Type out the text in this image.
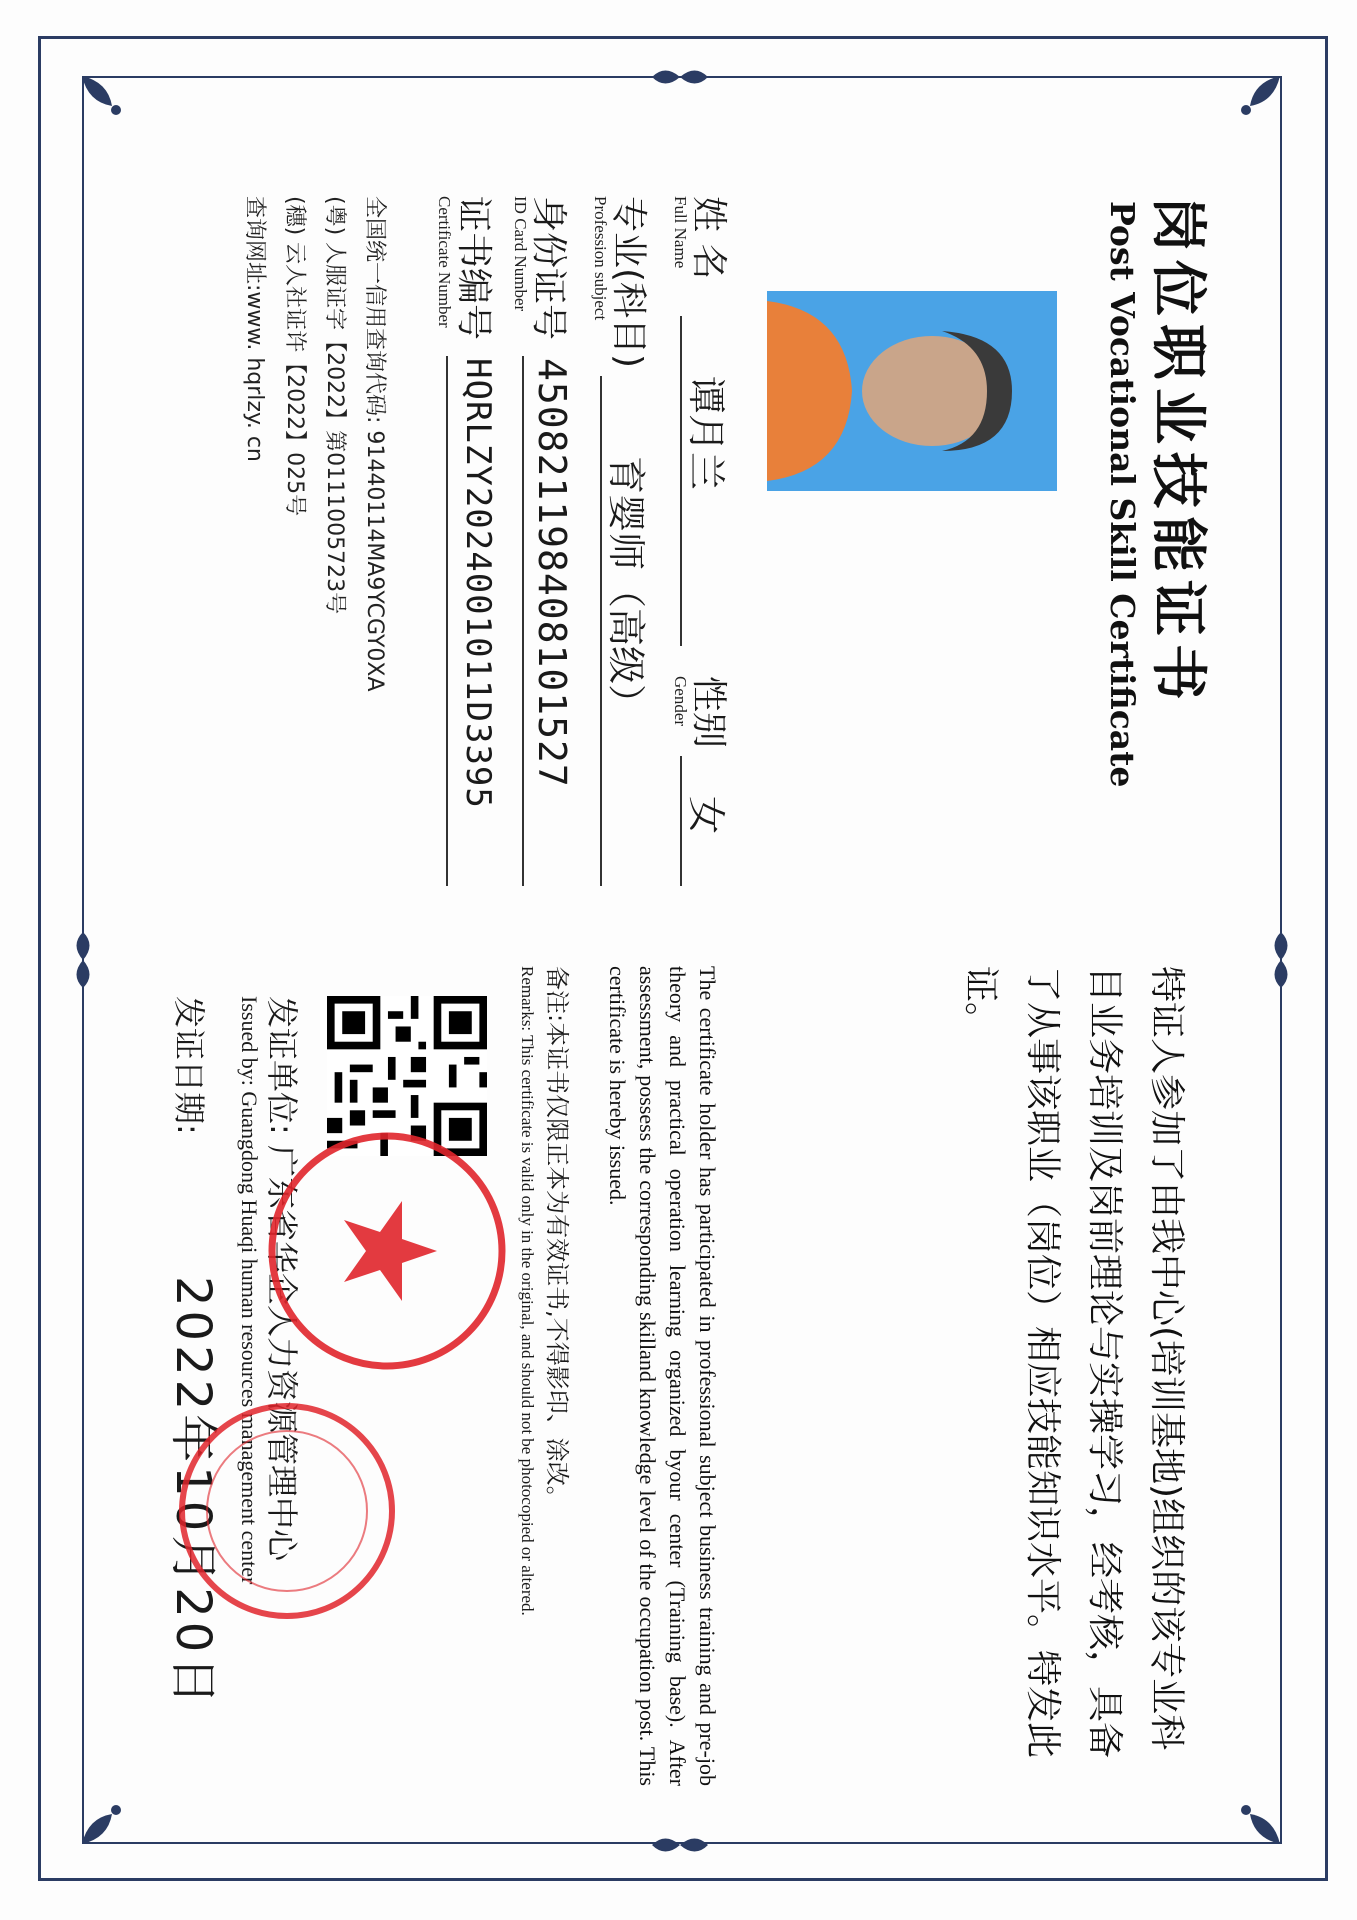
岗位职业技能证书
Post Vocational Skill Certificate
姓 名
Full Name
谭月兰
性别
Gender
女
专业(科目)
Profession subject
育婴师（高级）
身份证号
ID Card Number
450821198408101527
证书编号
Certificate Number
HQRLZY2024001011D3395
全国统一信用查询代码: 91440114MA9YCGY0XA
(粤) 人服证字【2022】第0111005723号
(穗) 云人社证许【2022】025号
查询网址:www. hqrlzy. cn
特证人参加了由我中心(培训基地)组织的该专业科目业务培训及岗前理论与实操学习，经考核，具备了从事该职业（岗位）相应技能知识水平。特发此证。
The certificate holder has participated in professional subject business training and pre-job theory and practical operation learning organized byour center (Training base). After assessment, possess the corresponding skilland knowledge level of the occupation post. This certificate is hereby issued.
备注:本证书仅限正本为有效证书,不得影印、涂改。
Remarks: This certificate is valid only in the original, and should not be photocopied or altered.
发证单位: 广东省华企人力资源管理中心
Issued by: Guangdong Huaqi human resources management center
发证日期:
2022年10月20日
